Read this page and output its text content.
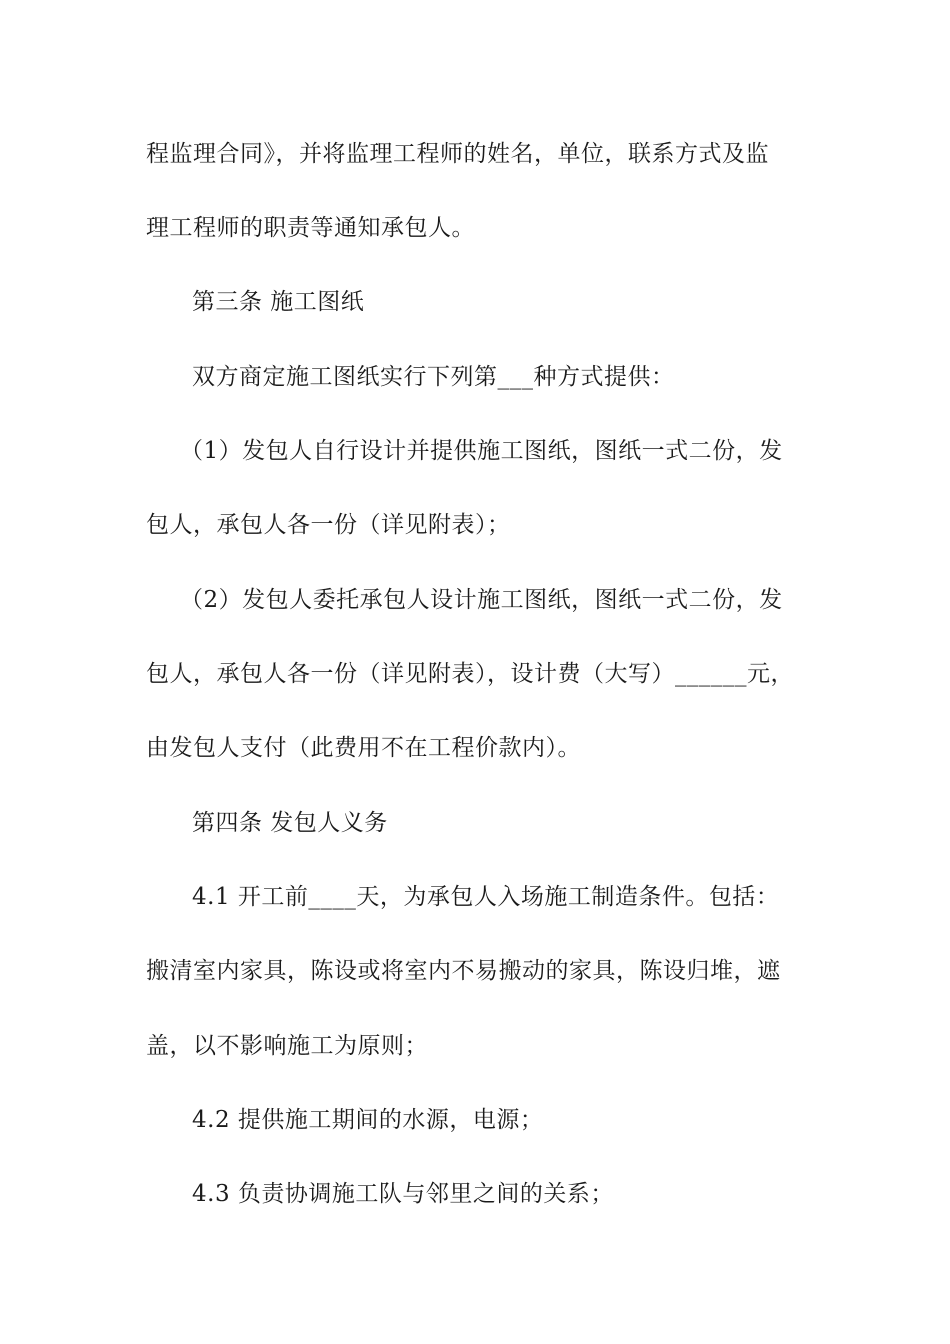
程监理合同》，并将监理工程师的姓名，单位，联系方式及监
理工程师的职责等通知承包人。
第三条 施工图纸
双方商定施工图纸实行下列第___种方式提供：
（1）发包人自行设计并提供施工图纸，图纸一式二份，发
包人，承包人各一份（详见附表）；
（2）发包人委托承包人设计施工图纸，图纸一式二份，发
包人，承包人各一份（详见附表），设计费（大写）______元，
由发包人支付（此费用不在工程价款内）。
第四条 发包人义务
4.1 开工前____天，为承包人入场施工制造条件。包括：
搬清室内家具，陈设或将室内不易搬动的家具，陈设归堆，遮
盖，以不影响施工为原则；
4.2 提供施工期间的水源，电源；
4.3 负责协调施工队与邻里之间的关系；
